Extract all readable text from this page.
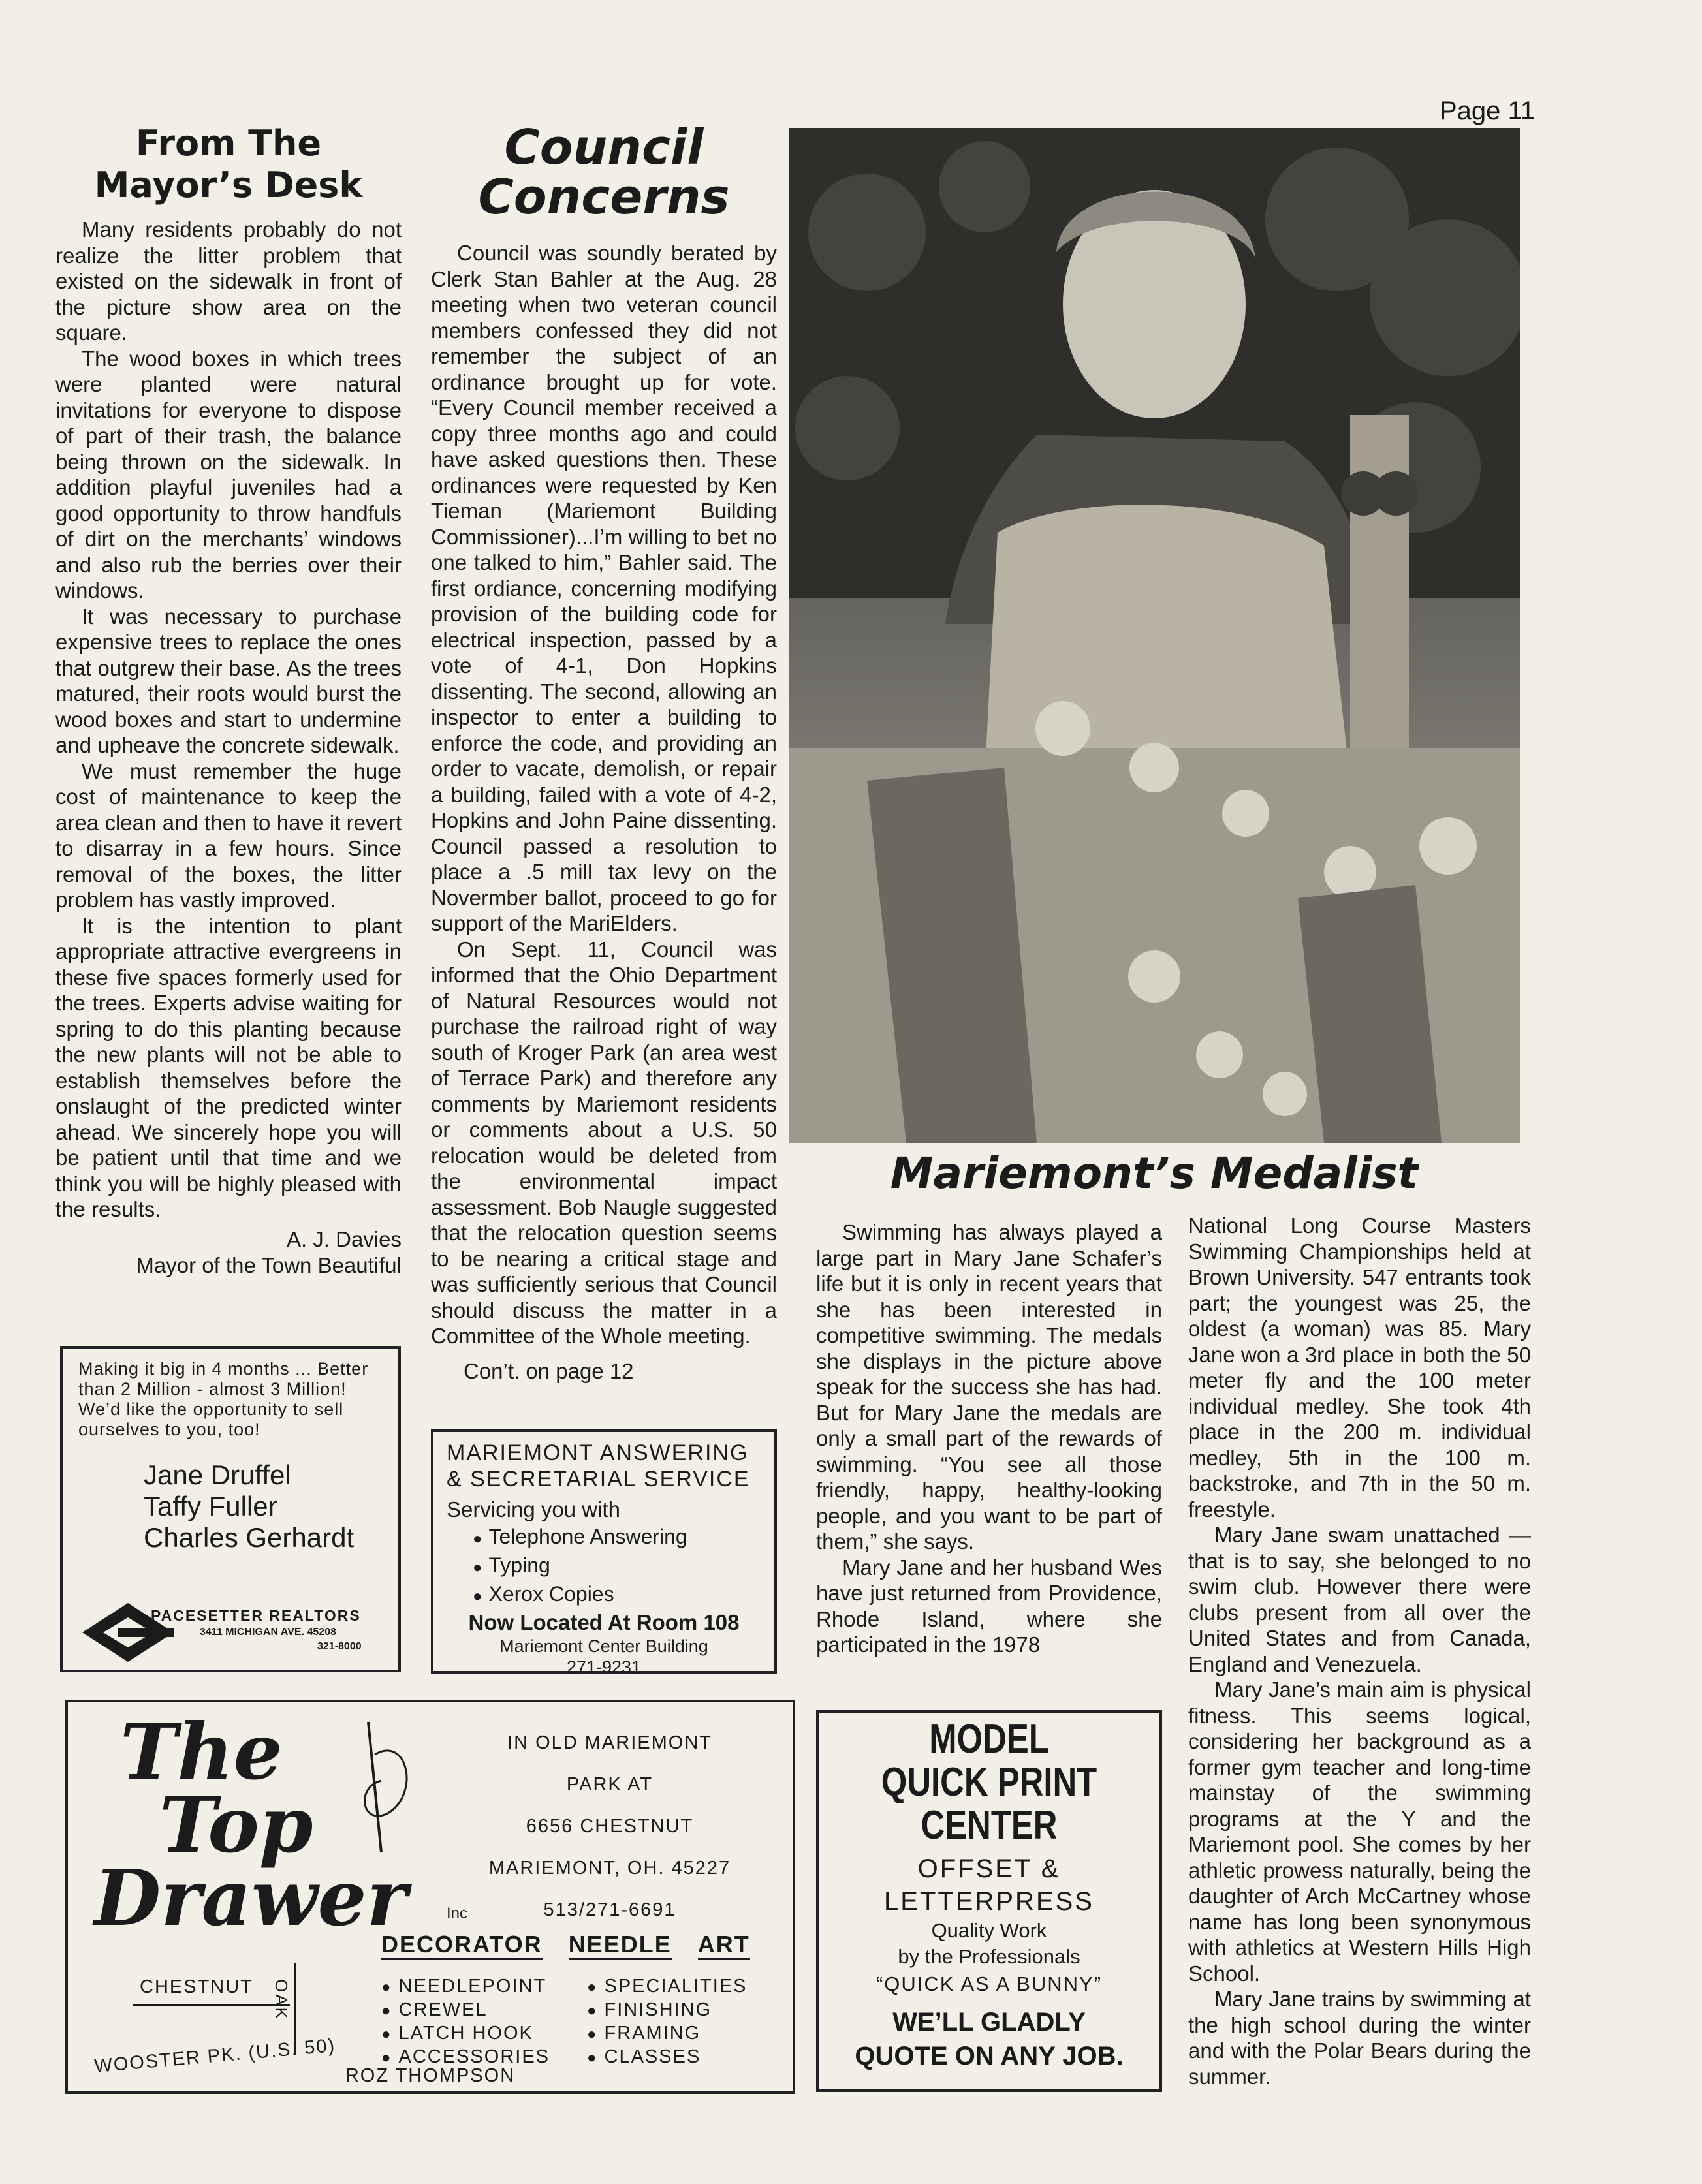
Page 11
From The
Mayor’s Desk

Many residents probably do not realize the litter problem that existed on the sidewalk in front of the picture show area on the square.

The wood boxes in which trees were planted were natural invitations for everyone to dispose of part of their trash, the balance being thrown on the sidewalk. In addition playful juveniles had a good opportunity to throw handfuls of dirt on the merchants’ windows and also rub the berries over their windows.

It was necessary to purchase expensive trees to replace the ones that outgrew their base. As the trees matured, their roots would burst the wood boxes and start to undermine and upheave the concrete sidewalk.

We must remember the huge cost of maintenance to keep the area clean and then to have it revert to disarray in a few hours. Since removal of the boxes, the litter problem has vastly improved.

It is the intention to plant appropriate attractive evergreens in these five spaces formerly used for the trees. Experts advise waiting for spring to do this planting because the new plants will not be able to establish themselves before the onslaught of the predicted winter ahead. We sincerely hope you will be patient until that time and we think you will be highly pleased with the results.

A. J. Davies
Mayor of the Town Beautiful
Making it big in 4 months ... Better than 2 Million - almost 3 Million! We’d like the opportunity to sell ourselves to you, too!
Jane Druffel
Taffy Fuller
Charles Gerhardt
PACESETTER REALTORS
3411 MICHIGAN AVE. 45208
321-8000
Council
Concerns

Council was soundly berated by Clerk Stan Bahler at the Aug. 28 meeting when two veteran council members confessed they did not remember the subject of an ordinance brought up for vote. “Every Council member received a copy three months ago and could have asked questions then. These ordinances were requested by Ken Tieman (Mariemont Building Commissioner)...I’m willing to bet no one talked to him,” Bahler said. The first ordiance, concerning modifying provision of the building code for electrical inspection, passed by a vote of 4-1, Don Hopkins dissenting. The second, allowing an inspector to enter a building to enforce the code, and providing an order to vacate, demolish, or repair a building, failed with a vote of 4-2, Hopkins and John Paine dissenting. Council passed a resolution to place a .5 mill tax levy on the Novermber ballot, proceed to go for support of the MariElders.

On Sept. 11, Council was informed that the Ohio Department of Natural Resources would not purchase the railroad right of way south of Kroger Park (an area west of Terrace Park) and therefore any comments by Mariemont residents or comments about a U.S. 50 relocation would be deleted from the environmental impact assessment. Bob Naugle suggested that the relocation question seems to be nearing a critical stage and was sufficiently serious that Council should discuss the matter in a Committee of the Whole meeting.

Con’t. on page 12
MARIEMONT ANSWERING
& SECRETARIAL SERVICE
Servicing you with
● Telephone Answering
● Typing
● Xerox Copies
Now Located At Room 108
Mariemont Center Building
271-9231
Mariemont’s Medalist

Swimming has always played a large part in Mary Jane Schafer’s life but it is only in recent years that she has been interested in competitive swimming. The medals she displays in the picture above speak for the success she has had. But for Mary Jane the medals are only a small part of the rewards of swimming. “You see all those friendly, happy, healthy-looking people, and you want to be part of them,” she says.

Mary Jane and her husband Wes have just returned from Providence, Rhode Island, where she participated in the 1978

National Long Course Masters Swimming Championships held at Brown University. 547 entrants took part; the youngest was 25, the oldest (a woman) was 85. Mary Jane won a 3rd place in both the 50 meter fly and the 100 meter individual medley. She took 4th place in the 200 m. individual medley, 5th in the 100 m. backstroke, and 7th in the 50 m. freestyle.

Mary Jane swam unattached — that is to say, she belonged to no swim club. However there were clubs present from all over the United States and from Canada, England and Venezuela.

Mary Jane’s main aim is physical fitness. This seems logical, considering her background as a former gym teacher and long-time mainstay of the swimming programs at the Y and the Mariemont pool. She comes by her athletic prowess naturally, being the daughter of Arch McCartney whose name has long been synonymous with athletics at Western Hills High School.

Mary Jane trains by swimming at the high school during the winter and with the Polar Bears during the summer.

The
Top
Drawer	Inc
IN OLD MARIEMONT
PARK AT
6656 CHESTNUT
MARIEMONT, OH. 45227
513/271-6691
DECORATOR NEEDLE ART
● NEEDLEPOINT
● CREWEL
● LATCH HOOK
● ACCESSORIES
● SPECIALITIES
● FINISHING
● FRAMING
● CLASSES
ROZ THOMPSON
CHESTNUT OAK
WOOSTER PK. (U.S. 50)
MODEL
QUICK PRINT
CENTER
OFFSET &
LETTERPRESS
Quality Work
by the Professionals
“QUICK AS A BUNNY”
WE’LL GLADLY
QUOTE ON ANY JOB.
